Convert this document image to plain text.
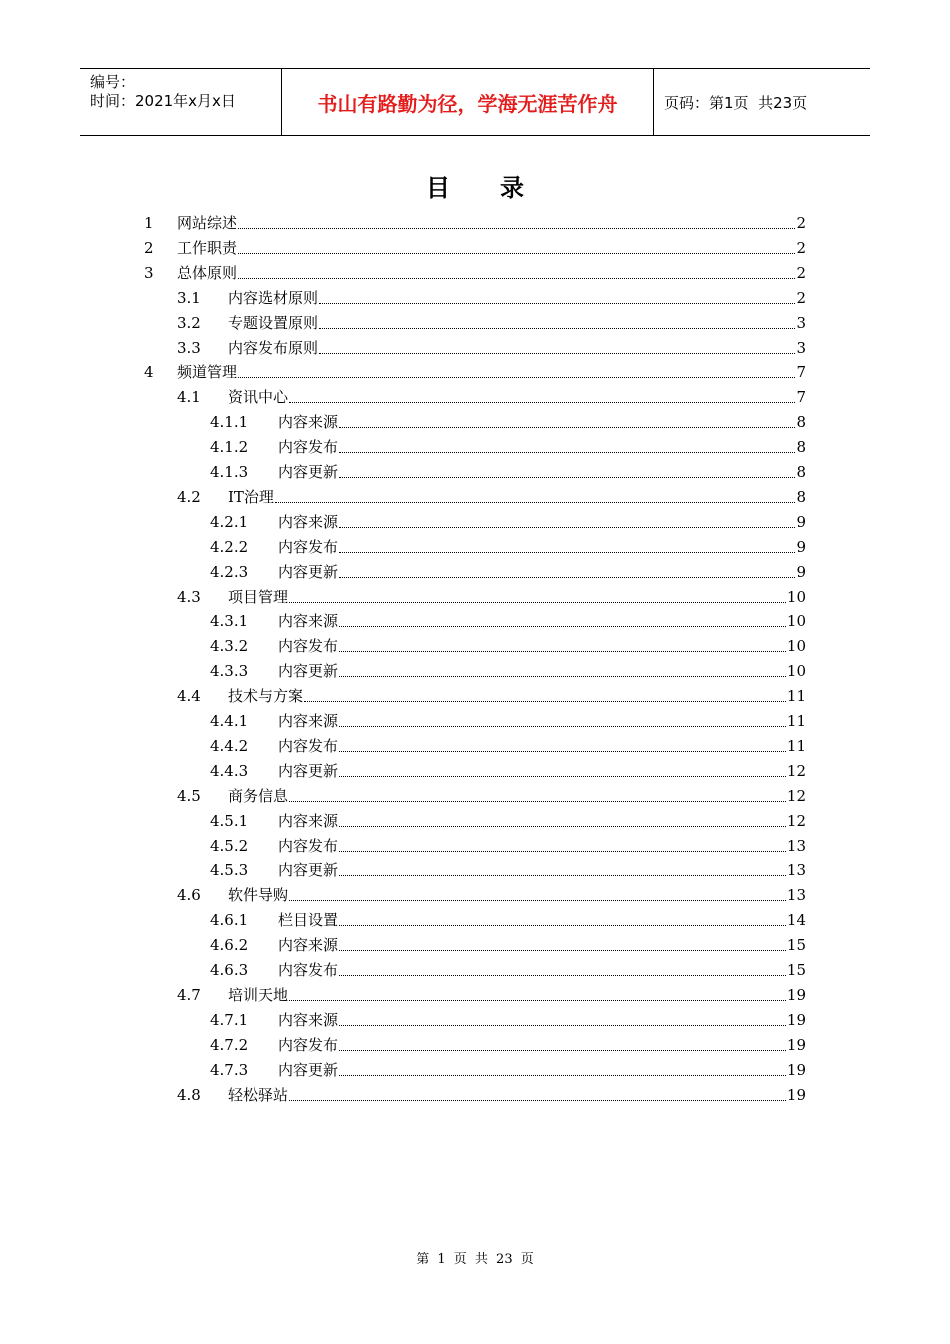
编号：
时间：2021年x月x日	书山有路勤为径，学海无涯苦作舟	页码：第1页  共23页
目 录
1 网站综述	2
2 工作职责	2
3 总体原则	2
3.1 内容选材原则	2
3.2 专题设置原则	3
3.3 内容发布原则	3
4 频道管理	7
4.1 资讯中心	7
4.1.1 内容来源	8
4.1.2 内容发布	8
4.1.3 内容更新	8
4.2 IT治理	8
4.2.1 内容来源	9
4.2.2 内容发布	9
4.2.3 内容更新	9
4.3 项目管理	10
4.3.1 内容来源	10
4.3.2 内容发布	10
4.3.3 内容更新	10
4.4 技术与方案	11
4.4.1 内容来源	11
4.4.2 内容发布	11
4.4.3 内容更新	12
4.5 商务信息	12
4.5.1 内容来源	12
4.5.2 内容发布	13
4.5.3 内容更新	13
4.6 软件导购	13
4.6.1 栏目设置	14
4.6.2 内容来源	15
4.6.3 内容发布	15
4.7 培训天地	19
4.7.1 内容来源	19
4.7.2 内容发布	19
4.7.3 内容更新	19
4.8 轻松驿站	19
第 1 页 共 23 页
